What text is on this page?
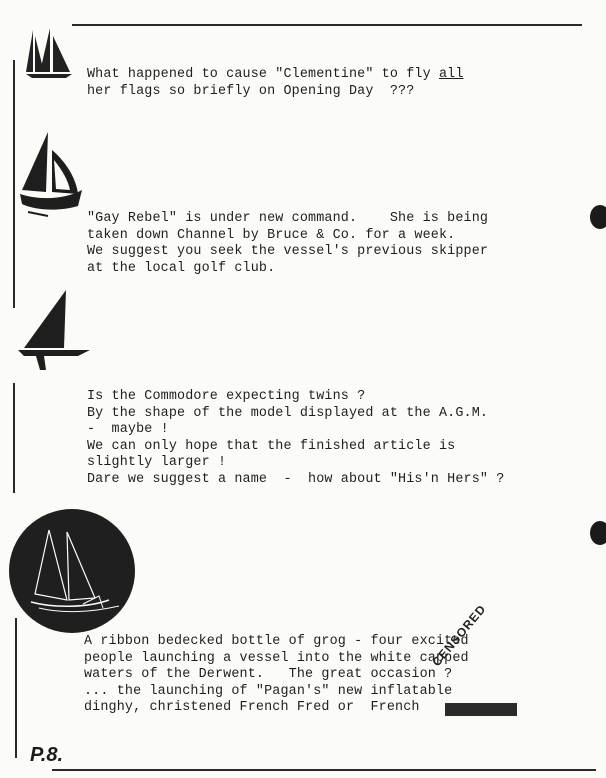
What happened to cause "Clementine" to fly all
her flags so briefly on Opening Day  ???

"Gay Rebel" is under new command.    She is being
taken down Channel by Bruce & Co. for a week.
We suggest you seek the vessel's previous skipper
at the local golf club.

Is the Commodore expecting twins ?
By the shape of the model displayed at the A.G.M.
-  maybe !
We can only hope that the finished article is
slightly larger !
Dare we suggest a name  -  how about "His'n Hers" ?

A ribbon bedecked bottle of grog - four excited
people launching a vessel into the white capped
waters of the Derwent.   The great occasion ?
... the launching of "Pagan's" new inflatable
dinghy, christened French Fred or  French

CENSORED
P.8.
